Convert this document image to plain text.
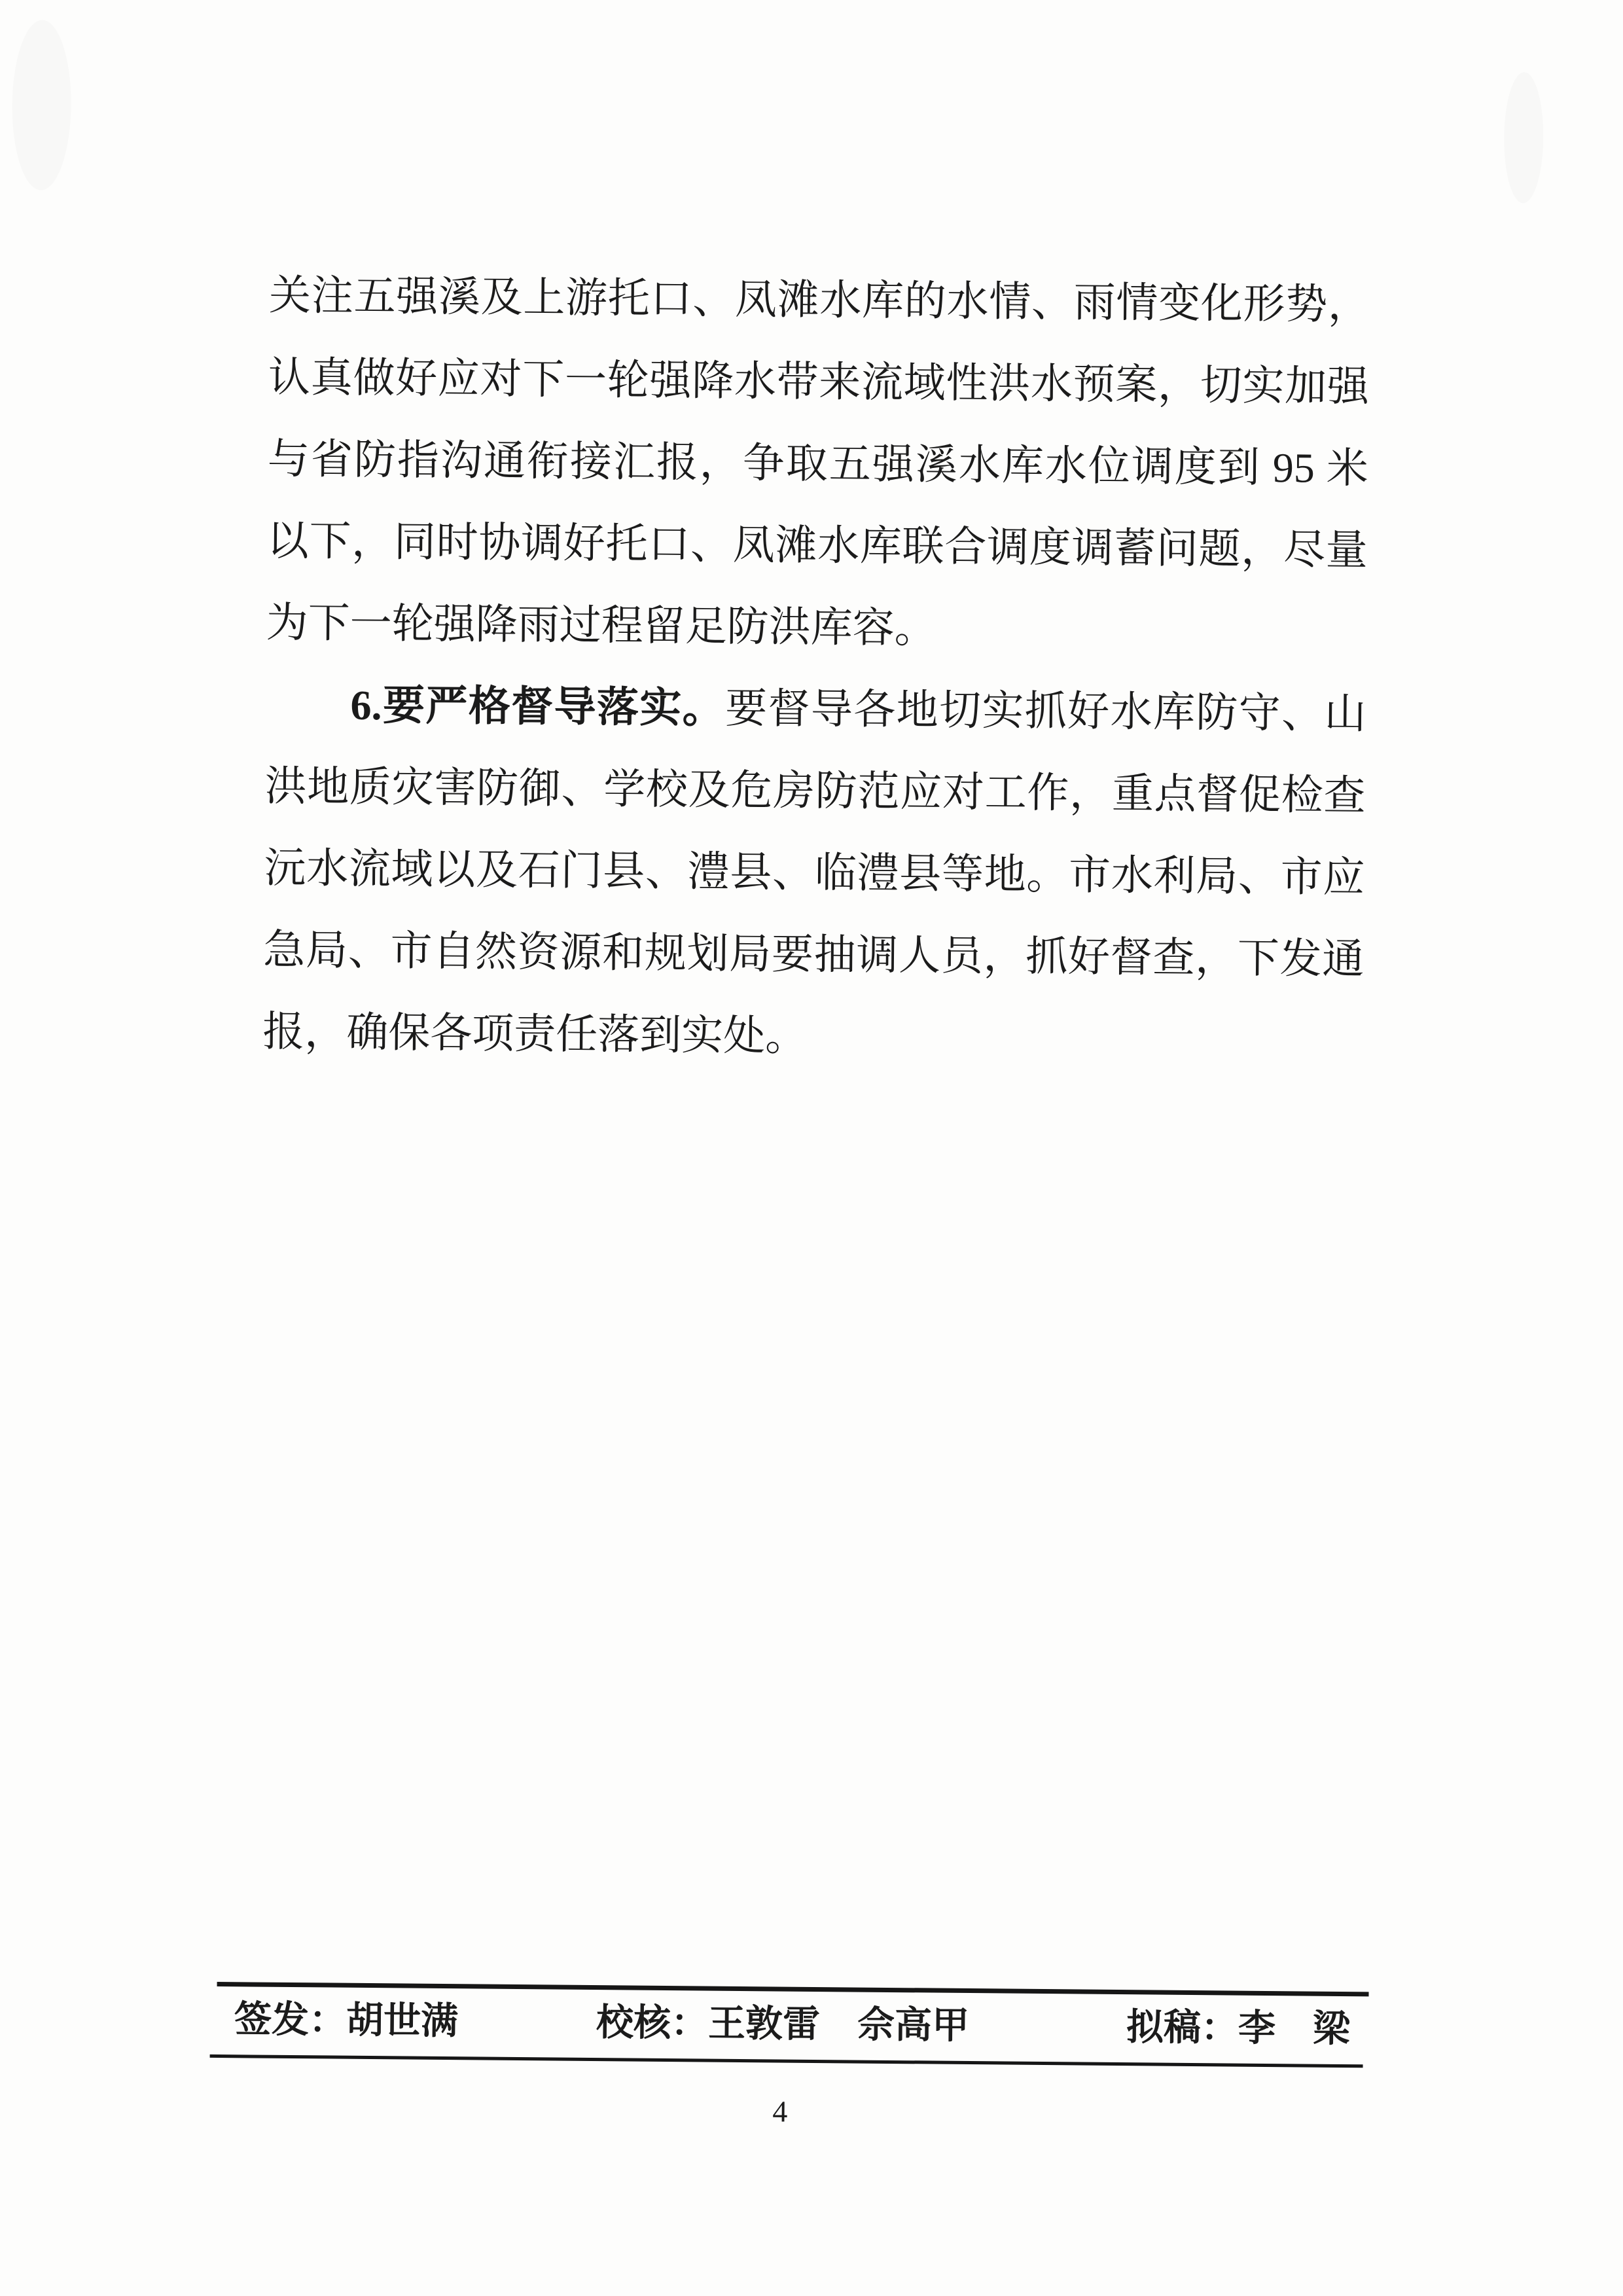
关注五强溪及上游托口、凤滩水库的水情、雨情变化形势，

认真做好应对下一轮强降水带来流域性洪水预案，切实加强

与省防指沟通衔接汇报，争取五强溪水库水位调度到 95 米

以下，同时协调好托口、凤滩水库联合调度调蓄问题，尽量

为下一轮强降雨过程留足防洪库容。

6.要严格督导落实。要督导各地切实抓好水库防守、山

洪地质灾害防御、学校及危房防范应对工作，重点督促检查

沅水流域以及石门县、澧县、临澧县等地。市水利局、市应

急局、市自然资源和规划局要抽调人员，抓好督查，下发通

报，确保各项责任落到实处。

签发：胡世满	校核：王敦雷　佘高甲	拟稿：李　梁
4
